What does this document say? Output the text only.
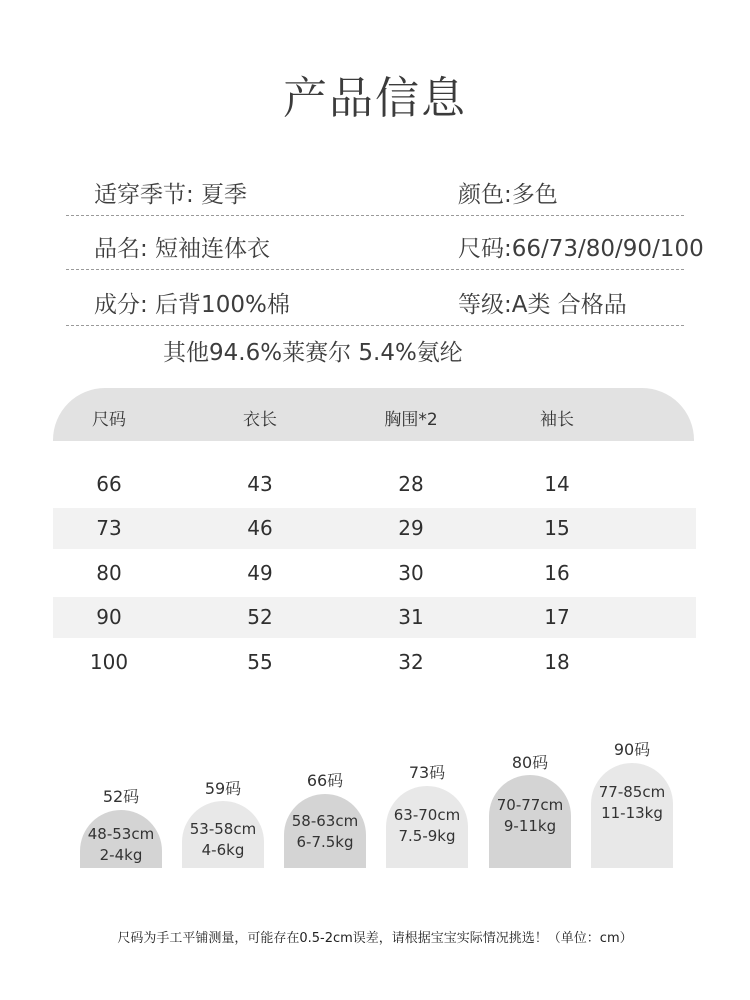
产品信息
适穿季节: 夏季	颜色:多色
品名: 短袖连体衣	尺码:66/73/80/90/100
成分: 后背100%棉	等级:A类 合格品
其他94.6%莱赛尔 5.4%氨纶
尺码	衣长	胸围*2	袖长
66	43	28	14
73	46	29	15
80	49	30	16
90	52	31	17
100	55	32	18
52码
48-53cm
2-4kg
59码
53-58cm
4-6kg
66码
58-63cm
6-7.5kg
73码
63-70cm
7.5-9kg
80码
70-77cm
9-11kg
90码
77-85cm
11-13kg
尺码为手工平铺测量，可能存在0.5-2cm误差，请根据宝宝实际情况挑选！（单位：cm）
